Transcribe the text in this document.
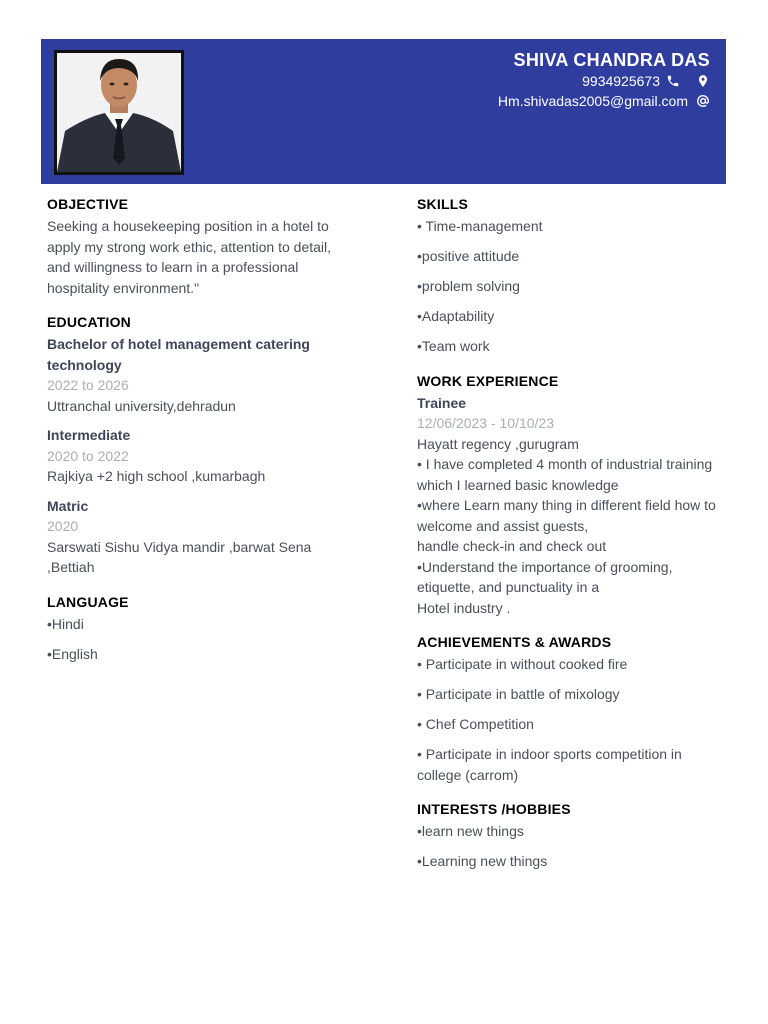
SHIVA CHANDRA DAS
9934925673
Hm.shivadas2005@gmail.com
OBJECTIVE

Seeking a housekeeping position in a hotel to apply my strong work ethic, attention to detail, and willingness to learn in a professional hospitality environment."

EDUCATION
Bachelor of hotel management catering technology
2022 to 2026
Uttranchal university,dehradun
Intermediate
2020 to 2022
Rajkiya +2 high school ,kumarbagh
Matric
2020
Sarswati Sishu Vidya mandir ,barwat Sena ,Bettiah
LANGUAGE
•Hindi
•English
SKILLS
• Time-management
•positive attitude
•problem solving
•Adaptability
•Team work
WORK EXPERIENCE
Trainee
12/06/2023 - 10/10/23
Hayatt regency ,gurugram
• I have completed 4 month of industrial training which I learned basic knowledge
•where Learn many thing in different field how to welcome and assist guests,
handle check-in and check out
•Understand the importance of grooming, etiquette, and punctuality in a
Hotel industry .
ACHIEVEMENTS & AWARDS
• Participate in without cooked fire
• Participate in battle of mixology
• Chef Competition
• Participate in indoor sports competition in college (carrom)
INTERESTS /HOBBIES
•learn new things
•Learning new things
